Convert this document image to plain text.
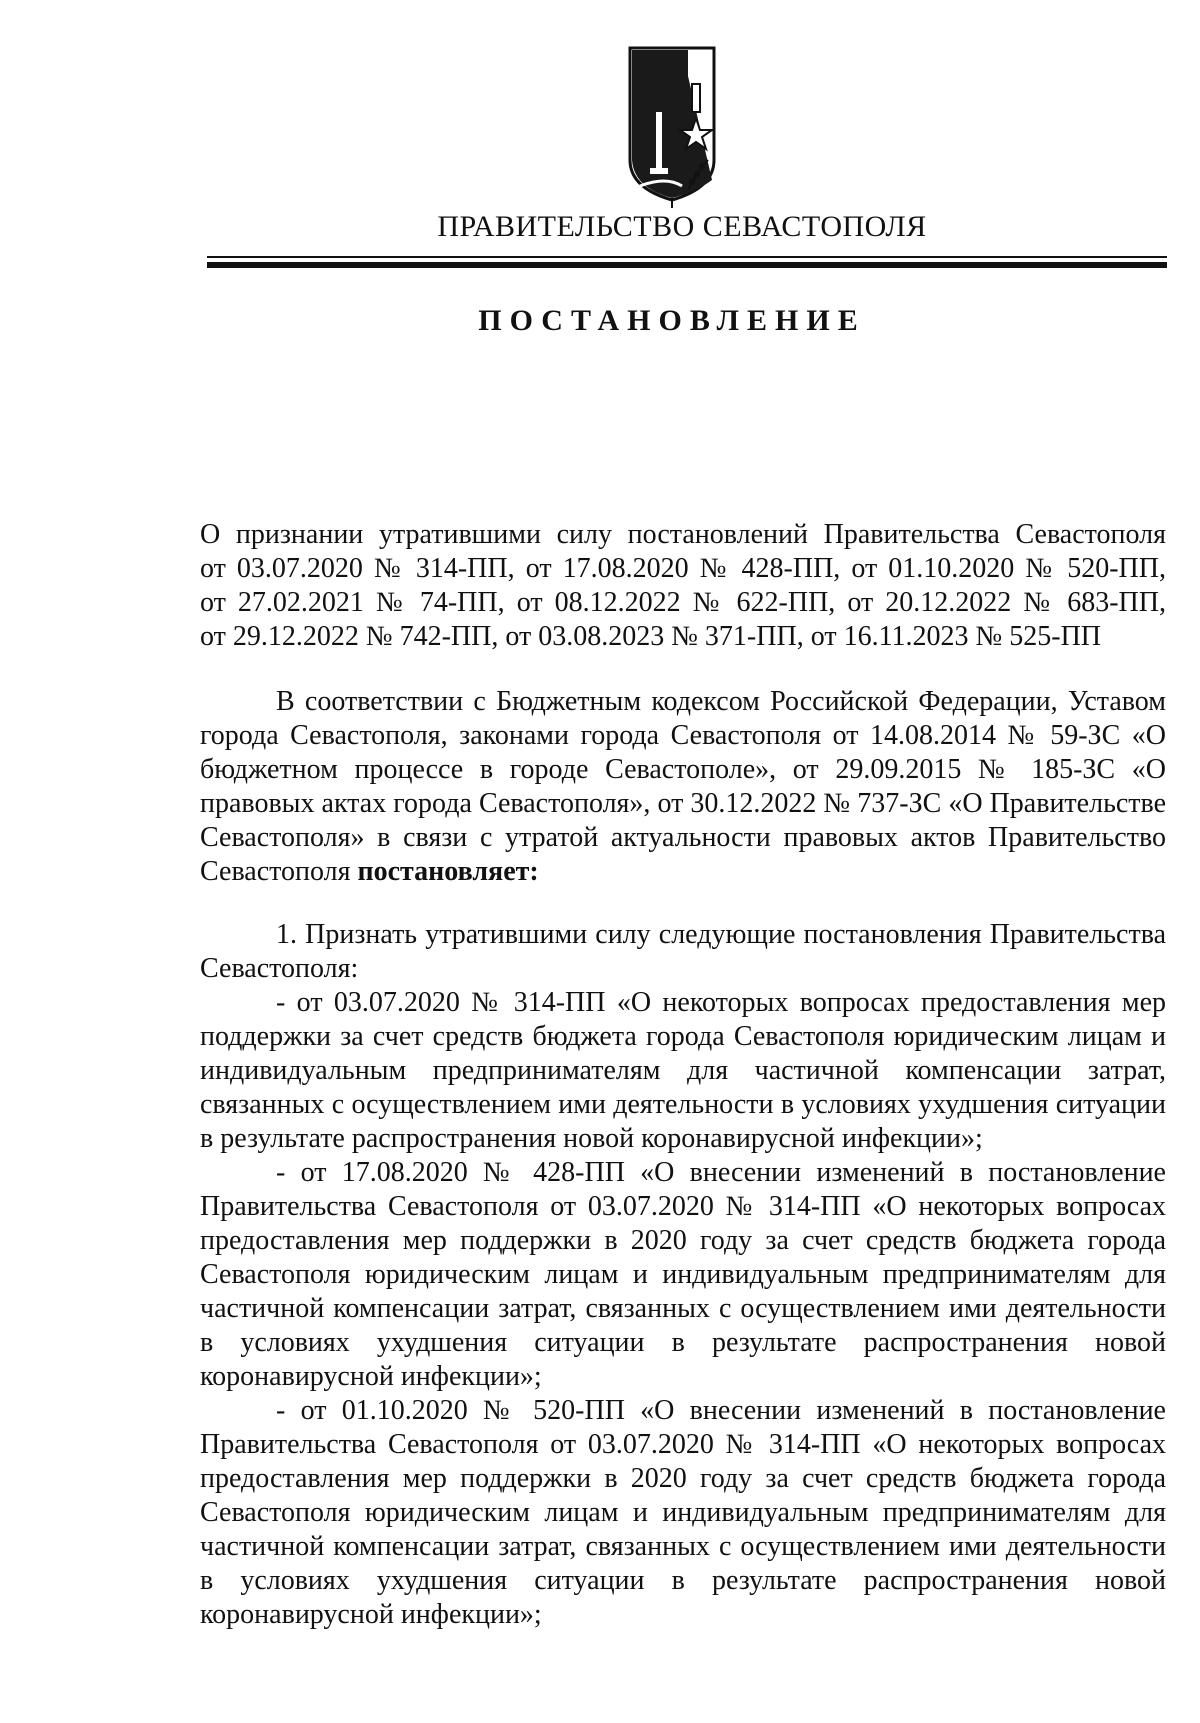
ПРАВИТЕЛЬСТВО СЕВАСТОПОЛЯ
ПОСТАНОВЛЕНИЕ

О признании утратившими силу постановлений Правительства Севастополя

от 03.07.2020 № 314-ПП, от 17.08.2020 № 428-ПП, от 01.10.2020 № 520-ПП,

от 27.02.2021 № 74-ПП, от 08.12.2022 № 622-ПП, от 20.12.2022 № 683-ПП,

от 29.12.2022 № 742-ПП, от 03.08.2023 № 371-ПП, от 16.11.2023 № 525-ПП

В соответствии с Бюджетным кодексом Российской Федерации, Уставом города Севастополя, законами города Севастополя от 14.08.2014 № 59-ЗС «О бюджетном процессе в городе Севастополе», от 29.09.2015 № 185-ЗС «О правовых актах города Севастополя», от 30.12.2022 № 737-ЗС «О Правительстве Севастополя» в связи с утратой актуальности правовых актов Правительство Севастополя постановляет:

1. Признать утратившими силу следующие постановления Правительства Севастополя:

- от 03.07.2020 № 314-ПП «О некоторых вопросах предоставления мер поддержки за счет средств бюджета города Севастополя юридическим лицам и индивидуальным предпринимателям для частичной компенсации затрат, связанных с осуществлением ими деятельности в условиях ухудшения ситуации в результате распространения новой коронавирусной инфекции»;

- от 17.08.2020 № 428-ПП «О внесении изменений в постановление Правительства Севастополя от 03.07.2020 № 314-ПП «О некоторых вопросах предоставления мер поддержки в 2020 году за счет средств бюджета города Севастополя юридическим лицам и индивидуальным предпринимателям для частичной компенсации затрат, связанных с осуществлением ими деятельности в условиях ухудшения ситуации в результате распространения новой коронавирусной инфекции»;

- от 01.10.2020 № 520-ПП «О внесении изменений в постановление Правительства Севастополя от 03.07.2020 № 314-ПП «О некоторых вопросах предоставления мер поддержки в 2020 году за счет средств бюджета города Севастополя юридическим лицам и индивидуальным предпринимателям для частичной компенсации затрат, связанных с осуществлением ими деятельности в условиях ухудшения ситуации в результате распространения новой коронавирусной инфекции»;
